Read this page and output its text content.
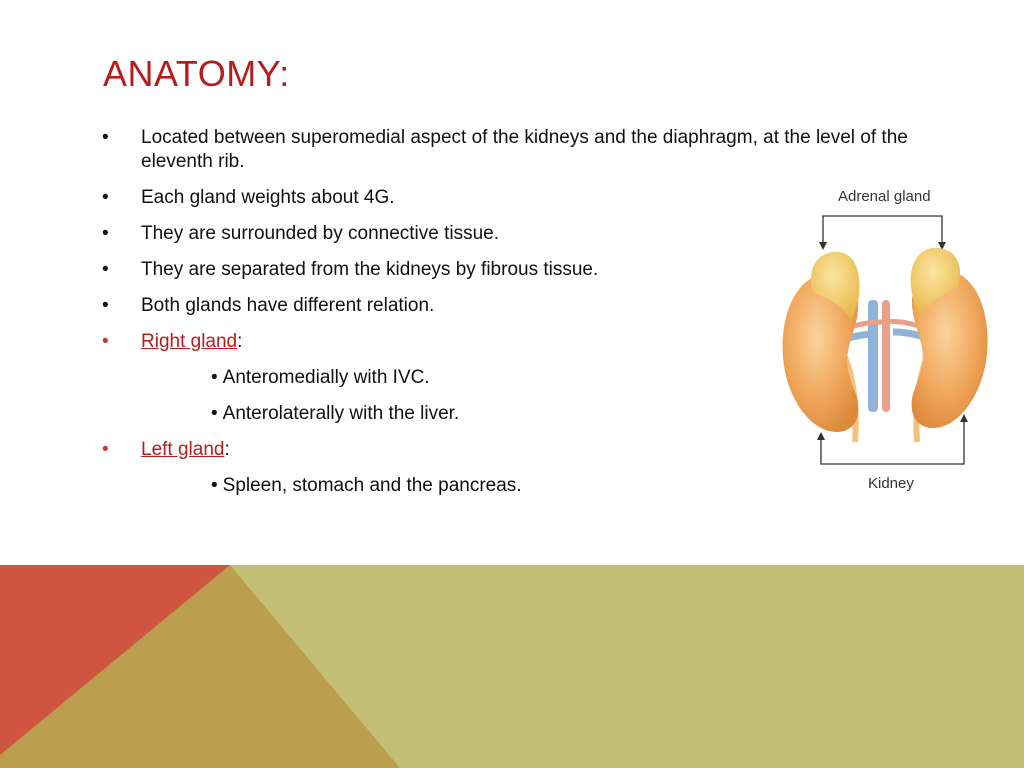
ANATOMY:
• Located between superomedial aspect of the kidneys and the diaphragm, at the level of the eleventh rib.
• Each gland weights about 4G.
• They are surrounded by connective tissue.
• They are separated from the kidneys by fibrous tissue.
• Both glands have different relation.
• Right gland:
• Anteromedially with IVC.
• Anterolaterally with the liver.
• Left gland:
• Spleen, stomach and the pancreas.
Adrenal gland
Kidney
